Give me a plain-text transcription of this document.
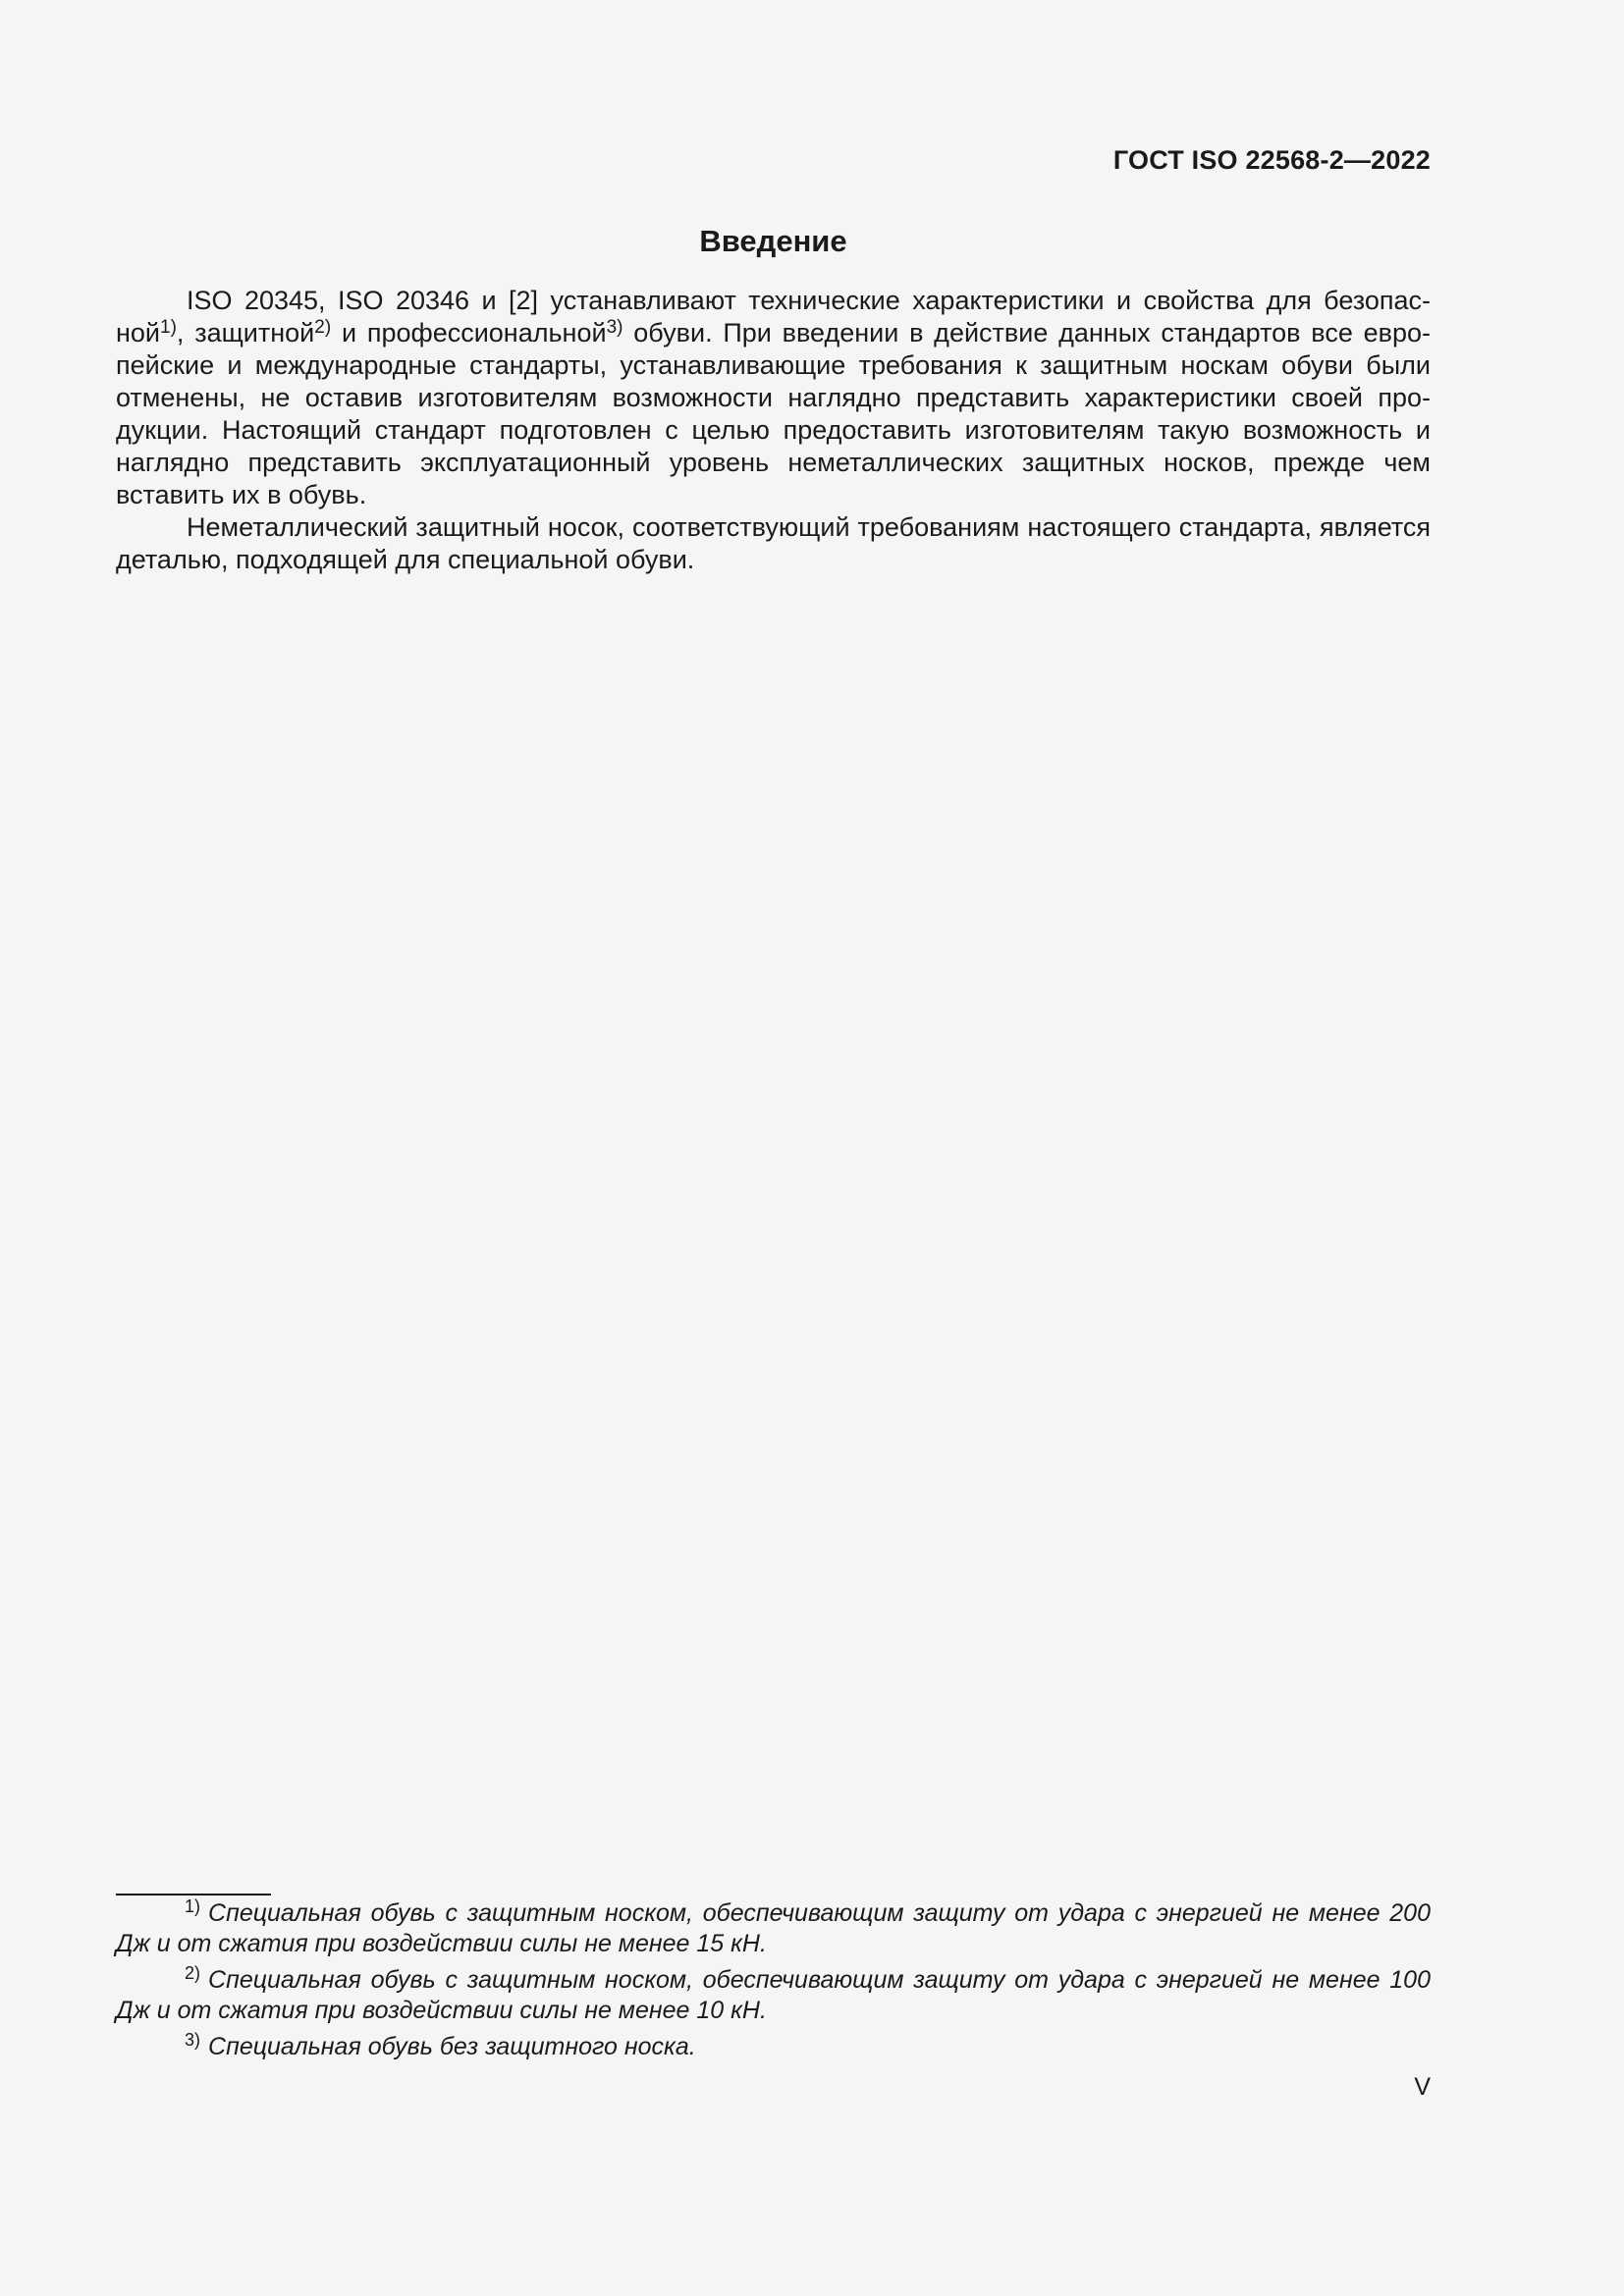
ГОСТ ISO 22568-2—2022
Введение

ISO 20345, ISO 20346 и [2] устанавливают технические характеристики и свойства для безопасной$^{1)}$, защитной$^{2)}$ и профессиональной$^{3)}$ обуви. При введении в действие данных стандартов все европейские и международные стандарты, устанавливающие требования к защитным носкам обуви были отменены, не оставив изготовителям возможности наглядно представить характеристики своей продукции. Настоящий стандарт подготовлен с целью предоставить изготовителям такую возможность и наглядно представить эксплуатационный уровень неметаллических защитных носков, прежде чем вставить их в обувь.

Неметаллический защитный носок, соответствующий требованиям настоящего стандарта, является деталью, подходящей для специальной обуви.

$^{1)}$ Специальная обувь с защитным носком, обеспечивающим защиту от удара с энергией не менее 200 Дж и от сжатия при воздействии силы не менее 15 кН.

$^{2)}$ Специальная обувь с защитным носком, обеспечивающим защиту от удара с энергией не менее 100 Дж и от сжатия при воздействии силы не менее 10 кН.

$^{3)}$ Специальная обувь без защитного носка.

V
